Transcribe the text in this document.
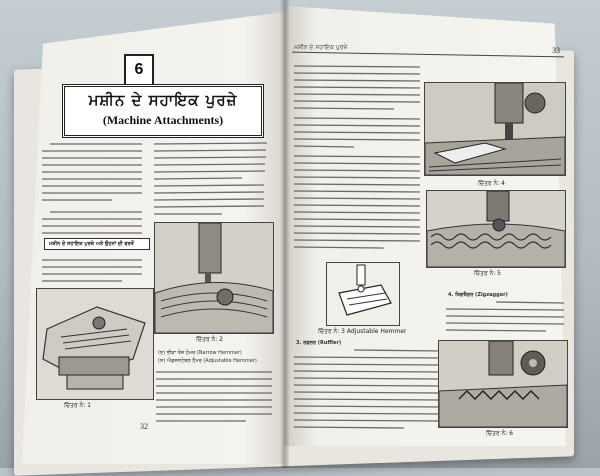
6
ਮਸ਼ੀਨ ਦੇ ਸਹਾਇਕ ਪੁਰਜ਼ੇ
(Machine Attachments)
ਮਸ਼ੀਨ ਦੇ ਸਹਾਇਕ ਪੁਰਜ਼ੇ ਅਤੇ ਉਹਨਾਂ ਦੀ ਵਰਤੋਂ
ਚਿੱਤਰ ਨੰ: 1
ਚਿੱਤਰ ਨੰ: 2
(ੲ) ਭੀੜਾ ਤੇਜ਼ ਹੇਮਰ (Narrow Hemmer)
(ਸ) ਐਡਜਸਟੇਬਲ ਹੈਮਰ (Adjustable Hemmer)
32
ਮਸ਼ੀਨ ਦੇ ਸਹਾਇਕ ਪੁਰਜ਼ੇ	33
ਚਿੱਤਰ ਨੰ: 3 Adjustable Hemmer
3. ਰਫਲਰ (Ruffler)
ਚਿੱਤਰ ਨੰ: 4
ਚਿੱਤਰ ਨੰ: 5
4. ਜ਼ਿਗਜ਼ੈਗਰ (Zigzagger)
ਚਿੱਤਰ ਨੰ: 6
